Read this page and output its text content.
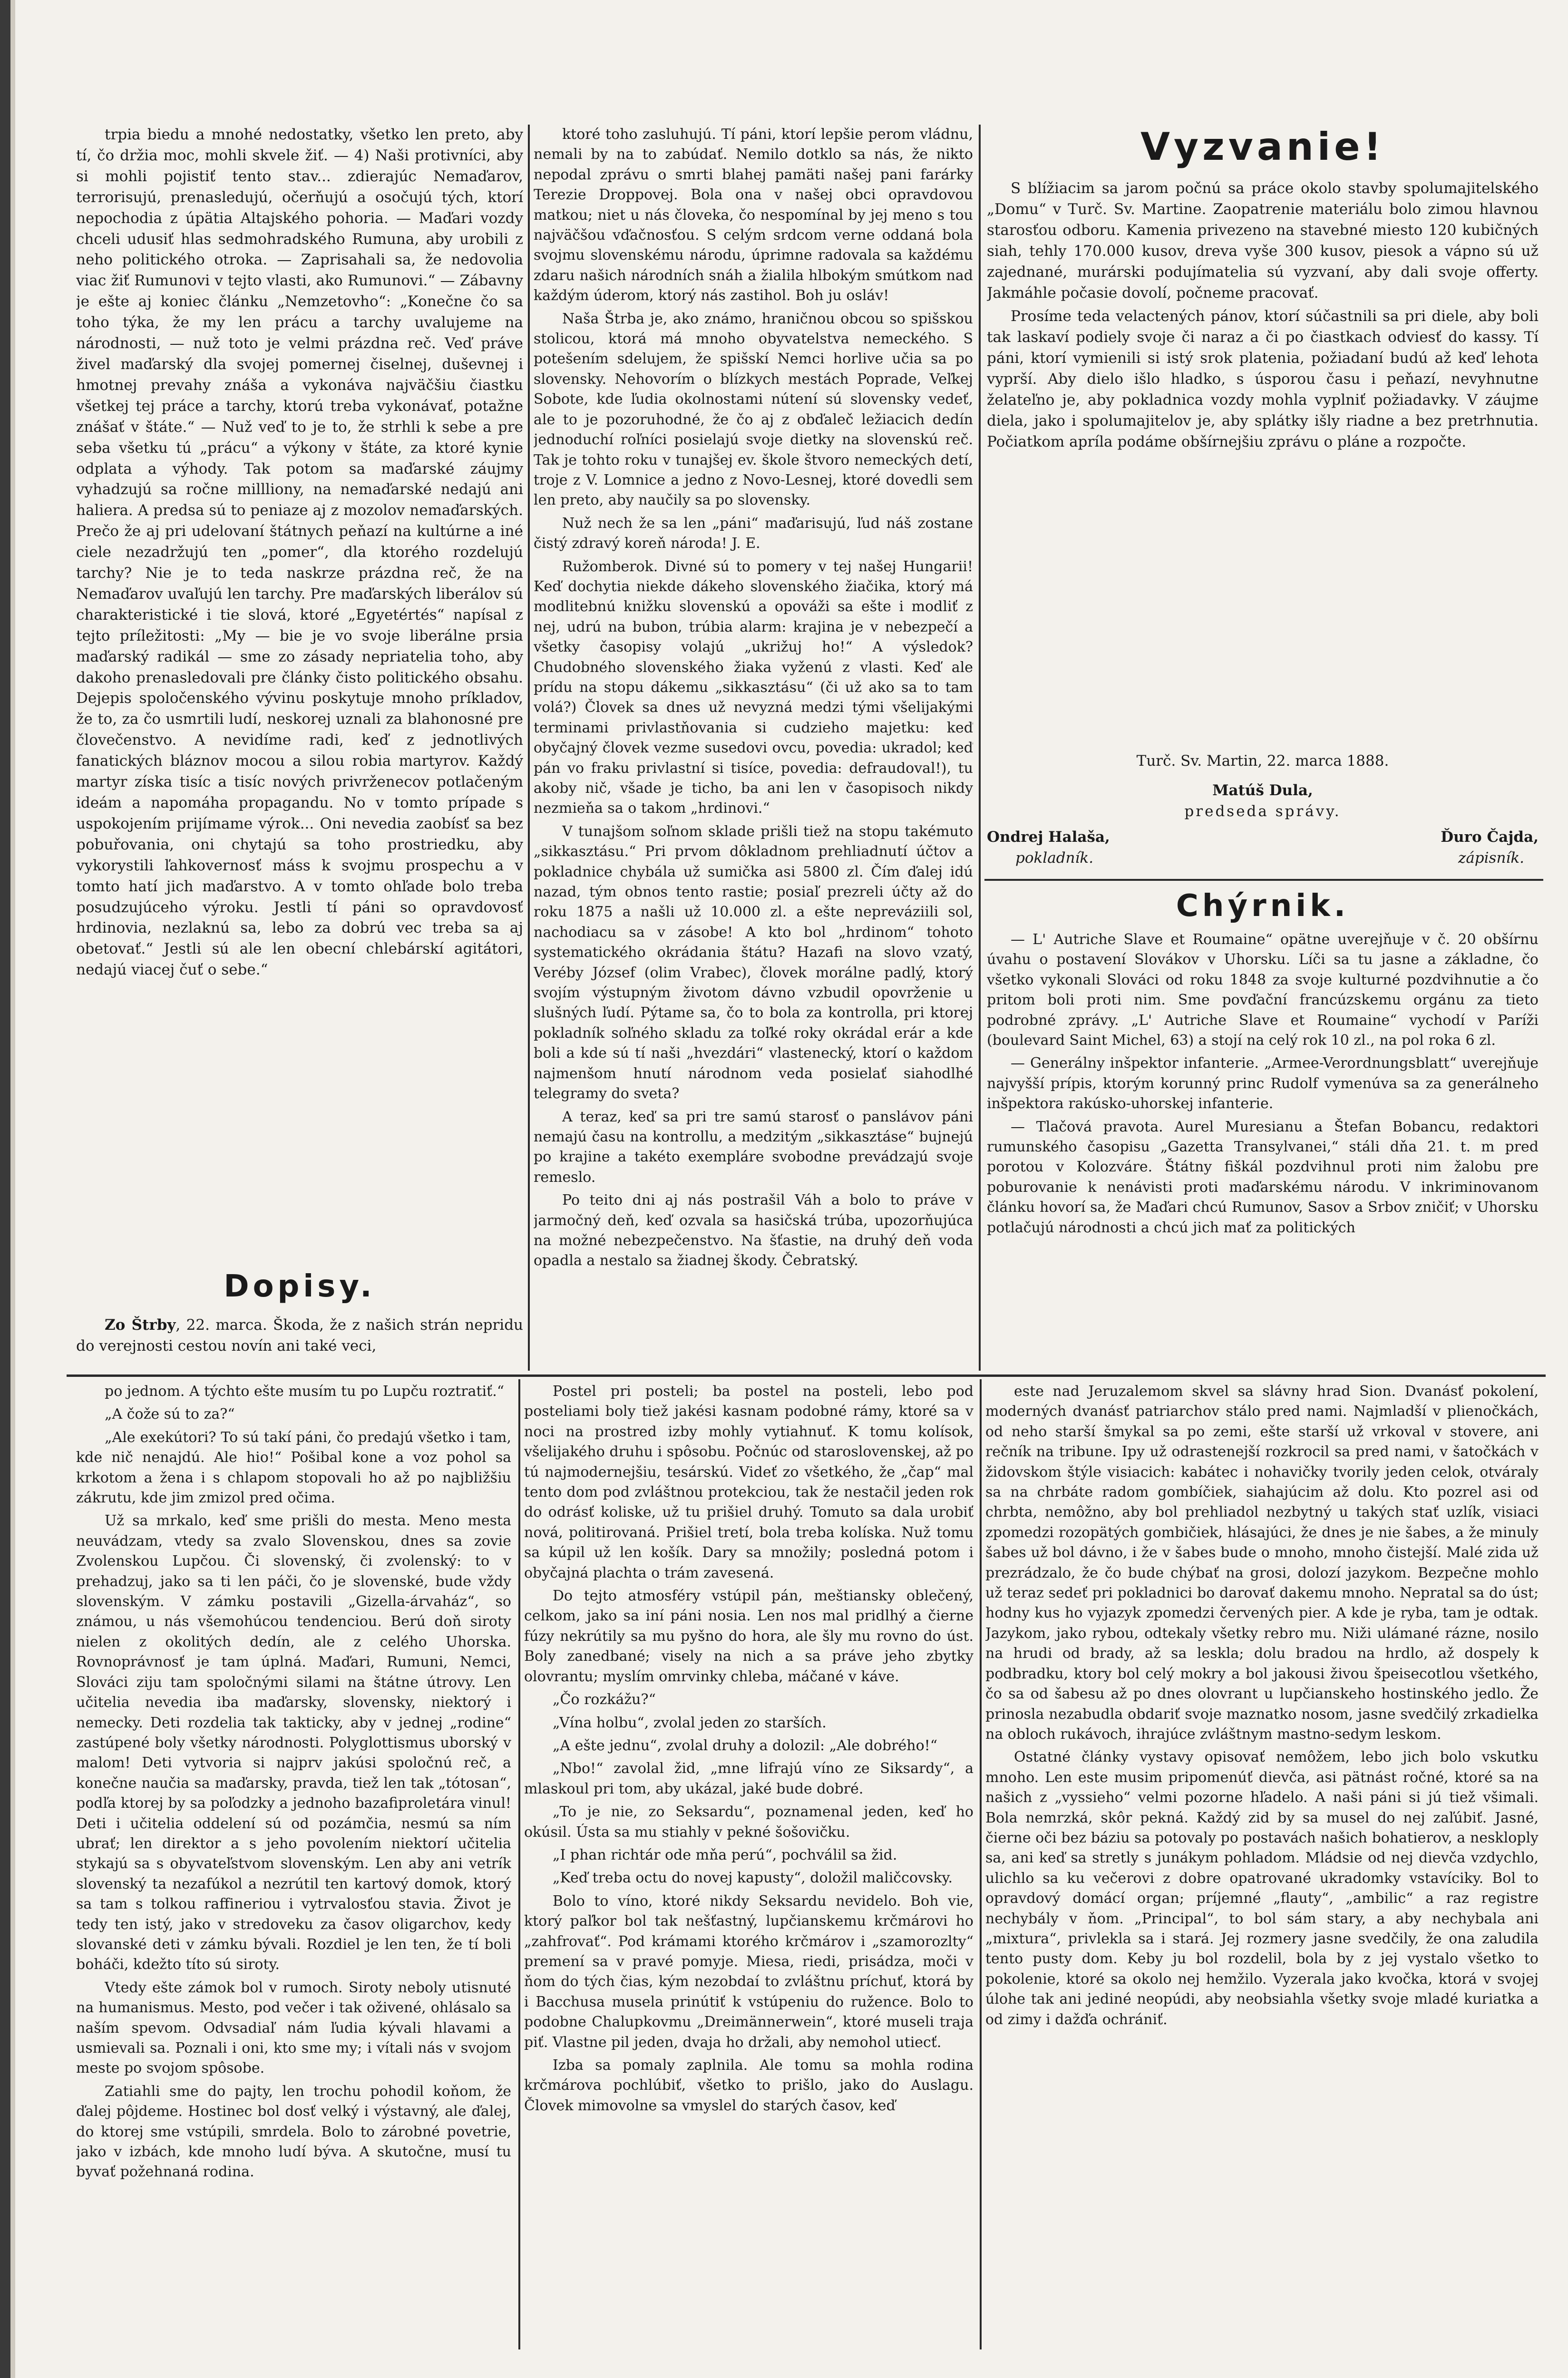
trpia biedu a mnohé nedostatky, všetko len preto, aby tí, čo držia moc, mohli skvele žiť. — 4) Naši protivníci, aby si mohli pojistiť tento stav... zdierajúc Nemaďarov, terrorisujú, prenasledujú, očerňujú a osočujú tých, ktorí nepochodia z úpätia Altajského pohoria. — Maďari vozdy chceli udusiť hlas sedmohradského Rumuna, aby urobili z neho politického otroka. — Zaprisahali sa, že nedovolia viac žiť Rumunovi v tejto vlasti, ako Rumunovi.“ — Zábavny je ešte aj koniec článku „Nemzetovho“: „Konečne čo sa toho týka, že my len prácu a tarchy uvalujeme na národnosti, — nuž toto je velmi prázdna reč. Veď práve živel maďarský dla svojej pomernej čiselnej, duševnej i hmotnej prevahy znáša a vykonáva najväčšiu čiastku všetkej tej práce a tarchy, ktorú treba vykonávať, potažne znášať v štáte.“ — Nuž veď to je to, že strhli k sebe a pre seba všetku tú „prácu“ a výkony v štáte, za ktoré kynie odplata a výhody. Tak potom sa maďarské záujmy vyhadzujú sa ročne millliony, na nemaďarské nedajú ani haliera. A predsa sú to peniaze aj z mozolov nemaďarských. Prečo že aj pri udelovaní štátnych peňazí na kultúrne a iné ciele nezadržujú ten „pomer“, dla ktorého rozdelujú tarchy? Nie je to teda naskrze prázdna reč, že na Nemaďarov uvaľujú len tarchy. Pre maďarských liberálov sú charakteristické i tie slová, ktoré „Egyetértés“ napísal z tejto príležitosti: „My — bie je vo svoje liberálne prsia maďarský radikál — sme zo zásady nepriatelia toho, aby dakoho prenasledovali pre články čisto politického obsahu. Dejepis spoločenského vývinu poskytuje mnoho príkladov, že to, za čo usmrtili ludí, neskorej uznali za blahonosné pre človečenstvo. A nevidíme radi, keď z jednotlivých fanatických bláznov mocou a silou robia martyrov. Každý martyr získa tisíc a tisíc nových privrženecov potlačeným ideám a napomáha propagandu. No v tomto prípade s uspokojením prijímame výrok... Oni nevedia zaobísť sa bez pobuřovania, oni chytajú sa toho prostriedku, aby vykorystili ľahkovernosť máss k svojmu prospechu a v tomto hatí jich maďarstvo. A v tomto ohľade bolo treba posudzujúceho výroku. Jestli tí páni so opravdovosť hrdinovia, nezlaknú sa, lebo za dobrú vec treba sa aj obetovať.“ Jestli sú ale len obecní chlebárskí agitátori, nedajú viacej čuť o sebe.“

Dopisy.

Zo Štrby, 22. marca. Škoda, že z našich strán nepridu do verejnosti cestou novín ani také veci,

ktoré toho zasluhujú. Tí páni, ktorí lepšie perom vládnu, nemali by na to zabúdať. Nemilo dotklo sa nás, že nikto nepodal zprávu o smrti blahej pamäti našej pani farárky Terezie Droppovej. Bola ona v našej obci opravdovou matkou; niet u nás človeka, čo nespomínal by jej meno s tou najväčšou vďačnosťou. S celým srdcom verne oddaná bola svojmu slovenskému národu, úprimne radovala sa každému zdaru našich národních snáh a žialila hlbokým smútkom nad každým úderom, ktorý nás zastihol. Boh ju osláv!

Naša Štrba je, ako známo, hraničnou obcou so spišskou stolicou, ktorá má mnoho obyvatelstva nemeckého. S potešením sdelujem, že spišskí Nemci horlive učia sa po slovensky. Nehovorím o blízkych mestách Poprade, Veľkej Sobote, kde ľudia okolnostami nútení sú slovensky vedeť, ale to je pozoruhodné, že čo aj z obďaleč ležiacich dedín jednoduchí roľníci posielajú svoje dietky na slovenskú reč. Tak je tohto roku v tunajšej ev. škole štvoro nemeckých detí, troje z V. Lomnice a jedno z Novo-Lesnej, ktoré dovedli sem len preto, aby naučily sa po slovensky.

Nuž nech že sa len „páni“ maďarisujú, ľud náš zostane čistý zdravý koreň národa! J. E.

Ružomberok. Divné sú to pomery v tej našej Hungarii! Keď dochytia niekde dákeho slovenského žiačika, ktorý má modlitebnú knižku slovenskú a opováži sa ešte i modliť z nej, udrú na bubon, trúbia alarm: krajina je v nebezpečí a všetky časopisy volajú „ukrižuj ho!“ A výsledok? Chudobného slovenského žiaka vyženú z vlasti. Keď ale prídu na stopu dákemu „sikkasztásu“ (či už ako sa to tam volá?) Človek sa dnes už nevyzná medzi tými všelijakými terminami privlastňovania si cudzieho majetku: keď obyčajný človek vezme susedovi ovcu, povedia: ukradol; keď pán vo fraku privlastní si tisíce, povedia: defraudoval!), tu akoby nič, všade je ticho, ba ani len v časopisoch nikdy nezmieňa sa o takom „hrdinovi.“

V tunajšom soľnom sklade prišli tiež na stopu takémuto „sikkasztásu.“ Pri prvom dôkladnom prehliadnutí účtov a pokladnice chybála už sumička asi 5800 zl. Čím ďalej idú nazad, tým obnos tento rastie; posiaľ prezreli účty až do roku 1875 a našli už 10.000 zl. a ešte nepreváziili sol, nachodiacu sa v zásobe! A kto bol „hrdinom“ tohoto systematického okrádania štátu? Hazafi na slovo vzatý, Veréby József (olim Vrabec), človek morálne padlý, ktorý svojím výstupným životom dávno vzbudil opovrženie u slušných ľudí. Pýtame sa, čo to bola za kontrolla, pri ktorej pokladník soľného skladu za toľké roky okrádal erár a kde boli a kde sú tí naši „hvezdári“ vlastenecký, ktorí o každom najmenšom hnutí národnom veda posielať siahodlhé telegramy do sveta?

A teraz, keď sa pri tre samú starosť o panslávov páni nemajú času na kontrollu, a medzitým „sikkasztáse“ bujnejú po krajine a takéto exempláre svobodne prevádzajú svoje remeslo.

Po teito dni aj nás postrašil Váh a bolo to práve v jarmočný deň, keď ozvala sa hasičská trúba, upozorňujúca na možné nebezpečenstvo. Na šťastie, na druhý deň voda opadla a nestalo sa žiadnej škody. Čebratský.

Vyzvanie!

S blížiacim sa jarom počnú sa práce okolo stavby spolumajitelského „Domu“ v Turč. Sv. Martine. Zaopatrenie materiálu bolo zimou hlavnou starosťou odboru. Kamenia privezeno na stavebné miesto 120 kubičných siah, tehly 170.000 kusov, dreva vyše 300 kusov, piesok a vápno sú už zajednané, murárski podujímatelia sú vyzvaní, aby dali svoje offerty. Jakmáhle počasie dovolí, počneme pracovať.

Prosíme teda velactených pánov, ktorí súčastnili sa pri diele, aby boli tak laskaví podiely svoje či naraz a či po čiastkach odviesť do kassy. Tí páni, ktorí vymienili si istý srok platenia, požiadaní budú až keď lehota vyprší. Aby dielo išlo hladko, s úsporou času i peňazí, nevyhnutne želateľno je, aby pokladnica vozdy mohla vyplniť požiadavky. V záujme diela, jako i spolumajitelov je, aby splátky išly riadne a bez pretrhnutia. Počiatkom apríla podáme obšírnejšiu zprávu o pláne a rozpočte.

Turč. Sv. Martin, 22. marca 1888.
Matúš Dula,
predseda správy.
Ondrej Halaša,	Ďuro Čajda,
pokladník.	zápisník.
Chýrnik.

— L' Autriche Slave et Roumaine“ opätne uverejňuje v č. 20 obšírnu úvahu o postavení Slovákov v Uhorsku. Líči sa tu jasne a základne, čo všetko vykonali Slováci od roku 1848 za svoje kulturné pozdvihnutie a čo pritom boli proti nim. Sme povďační francúzskemu orgánu za tieto podrobné zprávy. „L' Autriche Slave et Roumaine“ vychodí v Paríži (boulevard Saint Michel, 63) a stojí na celý rok 10 zl., na pol roka 6 zl.

— Generálny inšpektor infanterie. „Armee-Verordnungsblatt“ uverejňuje najvyšší prípis, ktorým korunný princ Rudolf vymenúva sa za generálneho inšpektora rakúsko-uhorskej infanterie.

— Tlačová pravota. Aurel Muresianu a Štefan Bobancu, redaktori rumunského časopisu „Gazetta Transylvanei,“ stáli dňa 21. t. m pred porotou v Kolozváre. Štátny fiškál pozdvihnul proti nim žalobu pre poburovanie k nenávisti proti maďarskému národu. V inkriminovanom článku hovorí sa, že Maďari chcú Rumunov, Sasov a Srbov zničiť; v Uhorsku potlačujú národnosti a chcú jich mať za politických

po jednom. A týchto ešte musím tu po Lupču roztratiť.“

„A čože sú to za?“

„Ale exekútori? To sú takí páni, čo predajú všetko i tam, kde nič nenajdú. Ale hio!“ Pošibal kone a voz pohol sa krkotom a žena i s chlapom stopovali ho až po najbližšiu zákrutu, kde jim zmizol pred očima.

Už sa mrkalo, keď sme prišli do mesta. Meno mesta neuvádzam, vtedy sa zvalo Slovenskou, dnes sa zovie Zvolenskou Lupčou. Či slovenský, či zvolenský: to v prehadzuj, jako sa ti len páči, čo je slovenské, bude vždy slovenským. V zámku postavili „Gizella-árvaház“, so známou, u nás všemohúcou tendenciou. Berú doň siroty nielen z okolitých dedín, ale z celého Uhorska. Rovnoprávnosť je tam úplná. Maďari, Rumuni, Nemci, Slováci ziju tam spoločnými silami na štátne útrovy. Len učitelia nevedia iba maďarsky, slovensky, niektorý i nemecky. Deti rozdelia tak takticky, aby v jednej „rodine“ zastúpené boly všetky národnosti. Polyglottismus uborský v malom! Deti vytvoria si najprv jakúsi spoločnú reč, a konečne naučia sa maďarsky, pravda, tiež len tak „tótosan“, podľa ktorej by sa poľodzky a jednoho bazafiproletára vinul! Deti i učitelia oddelení sú od pozámčia, nesmú sa ním ubrať; len direktor a s jeho povolením niektorí učitelia stykajú sa s obyvateľstvom slovenským. Len aby ani vetrík slovenský ta nezafúkol a nezrútil ten kartový domok, ktorý sa tam s tolkou raffineriou i vytrvalosťou stavia. Život je tedy ten istý, jako v stredoveku za časov oligarchov, kedy slovanské deti v zámku bývali. Rozdiel je len ten, že tí boli boháči, kdežto títo sú siroty.

Vtedy ešte zámok bol v rumoch. Siroty neboly utisnuté na humanismus. Mesto, pod večer i tak oživené, ohlásalo sa naším spevom. Odvsadiaľ nám ľudia kývali hlavami a usmievali sa. Poznali i oni, kto sme my; i vítali nás v svojom meste po svojom spôsobe.

Zatiahli sme do pajty, len trochu pohodil koňom, že ďalej pôjdeme. Hostinec bol dosť velký i výstavný, ale ďalej, do ktorej sme vstúpili, smrdela. Bolo to zárobné povetrie, jako v izbách, kde mnoho ludí býva. A skutočne, musí tu byvať požehnaná rodina.

Postel pri posteli; ba postel na posteli, lebo pod posteliami boly tiež jakési kasnam podobné rámy, ktoré sa v noci na prostred izby mohly vytiahnuť. K tomu kolísok, všelijakého druhu i spôsobu. Počnúc od staroslovenskej, až po tú najmodernejšiu, tesárskú. Videť zo všetkého, že „čap“ mal tento dom pod zvláštnou protekciou, tak že nestačil jeden rok do odrásť koliske, už tu prišiel druhý. Tomuto sa dala urobiť nová, politirovaná. Prišiel tretí, bola treba kolíska. Nuž tomu sa kúpil už len košík. Dary sa množily; posledná potom i obyčajná plachta o trám zavesená.

Do tejto atmosféry vstúpil pán, meštiansky oblečený, celkom, jako sa iní páni nosia. Len nos mal pridlhý a čierne fúzy nekrútily sa mu pyšno do hora, ale šly mu rovno do úst. Boly zanedbané; visely na nich a sa práve jeho zbytky olovrantu; myslím omrvinky chleba, máčané v káve.

„Čo rozkážu?“

„Vína holbu“, zvolal jeden zo starších.

„A ešte jednu“, zvolal druhy a dolozil: „Ale dobrého!“

„Nbo!“ zavolal žid, „mne lifrajú víno ze Siksardy“, a mlaskoul pri tom, aby ukázal, jaké bude dobré.

„To je nie, zo Seksardu“, poznamenal jeden, keď ho okúsil. Ústa sa mu stiahly v pekné šošovičku.

„I phan richtár ode mňa perú“, pochválil sa žid.

„Keď treba octu do novej kapusty“, doložil maličcovsky.

Bolo to víno, ktoré nikdy Seksardu nevidelo. Boh vie, ktorý paľkor bol tak nešťastný, lupčianskemu krčmárovi ho „zahfrovať“. Pod krámami ktorého krčmárov i „szamorozlty“ premení sa v pravé pomyje. Miesa, riedi, prisádza, moči v ňom do tých čias, kým nezobdaí to zvláštnu príchuť, ktorá by i Bacchusa musela prinútiť k vstúpeniu do ružence. Bolo to podobne Chalupkovmu „Dreimännerwein“, ktoré museli traja piť. Vlastne pil jeden, dvaja ho držali, aby nemohol utiecť.

Izba sa pomaly zaplnila. Ale tomu sa mohla rodina krčmárova pochlúbiť, všetko to prišlo, jako do Auslagu. Človek mimovolne sa vmyslel do starých časov, keď

este nad Jeruzalemom skvel sa slávny hrad Sion. Dvanásť pokolení, moderných dvanásť patriarchov stálo pred nami. Najmladší v plienočkách, od neho starší šmykal sa po zemi, ešte starší už vrkoval v stovere, ani rečník na tribune. Ipy už odrastenejší rozkrocil sa pred nami, v šatočkách v židovskom štýle visiacich: kabátec i nohavičky tvorily jeden celok, otváraly sa na chrbáte radom gombíčiek, siahajúcim až dolu. Kto pozrel asi od chrbta, nemôžno, aby bol prehliadol nezbytný u takých stať uzlík, visiaci zpomedzi rozopätých gombičiek, hlásajúci, že dnes je nie šabes, a že minuly šabes už bol dávno, i že v šabes bude o mnoho, mnoho čistejší. Malé zida už prezrádzalo, že čo bude chýbať na grosi, dolozí jazykom. Bezpečne mohlo už teraz sedeť pri pokladnici bo darovať dakemu mnoho. Nepratal sa do úst; hodny kus ho vyjazyk zpomedzi červených pier. A kde je ryba, tam je odtak. Jazykom, jako rybou, odtekaly všetky rebro mu. Niži ulámané rázne, nosilo na hrudi od brady, až sa leskla; dolu bradou na hrdlo, až dospely k podbradku, ktory bol celý mokry a bol jakousi živou špeisecotlou všetkého, čo sa od šabesu až po dnes olovrant u lupčianskeho hostinského jedlo. Že prinosla nezabudla obdariť svoje maznatko nosom, jasne svedčilý zrkadielka na obloch rukávoch, ihrajúce zvláštnym mastno-sedym leskom.

Ostatné články vystavy opisovať nemôžem, lebo jich bolo vskutku mnoho. Len este musim pripomenúť dievča, asi pätnást ročné, ktoré sa na našich z „vyssieho“ velmi pozorne hľadelo. A naši páni si jú tiež všimali. Bola nemrzká, skôr pekná. Každý zid by sa musel do nej zaľúbiť. Jasné, čierne oči bez báziu sa potovaly po postavách našich bohatierov, a neskloply sa, ani keď sa stretly s junákym pohladom. Mládsie od nej dievča vzdychlo, ulichlo sa ku večerovi z dobre opatrované ukradomky vstavíciky. Bol to opravdový domácí organ; príjemné „flauty“, „ambilic“ a raz registre nechybály v ňom. „Principal“, to bol sám stary, a aby nechybala ani „mixtura“, privlekla sa i stará. Jej rozmery jasne svedčily, že ona zaludila tento pusty dom. Keby ju bol rozdelil, bola by z jej vystalo všetko to pokolenie, ktoré sa okolo nej hemžilo. Vyzerala jako kvočka, ktorá v svojej úlohe tak ani jediné neopúdi, aby neobsiahla všetky svoje mladé kuriatka a od zimy i dažďa ochrániť.
